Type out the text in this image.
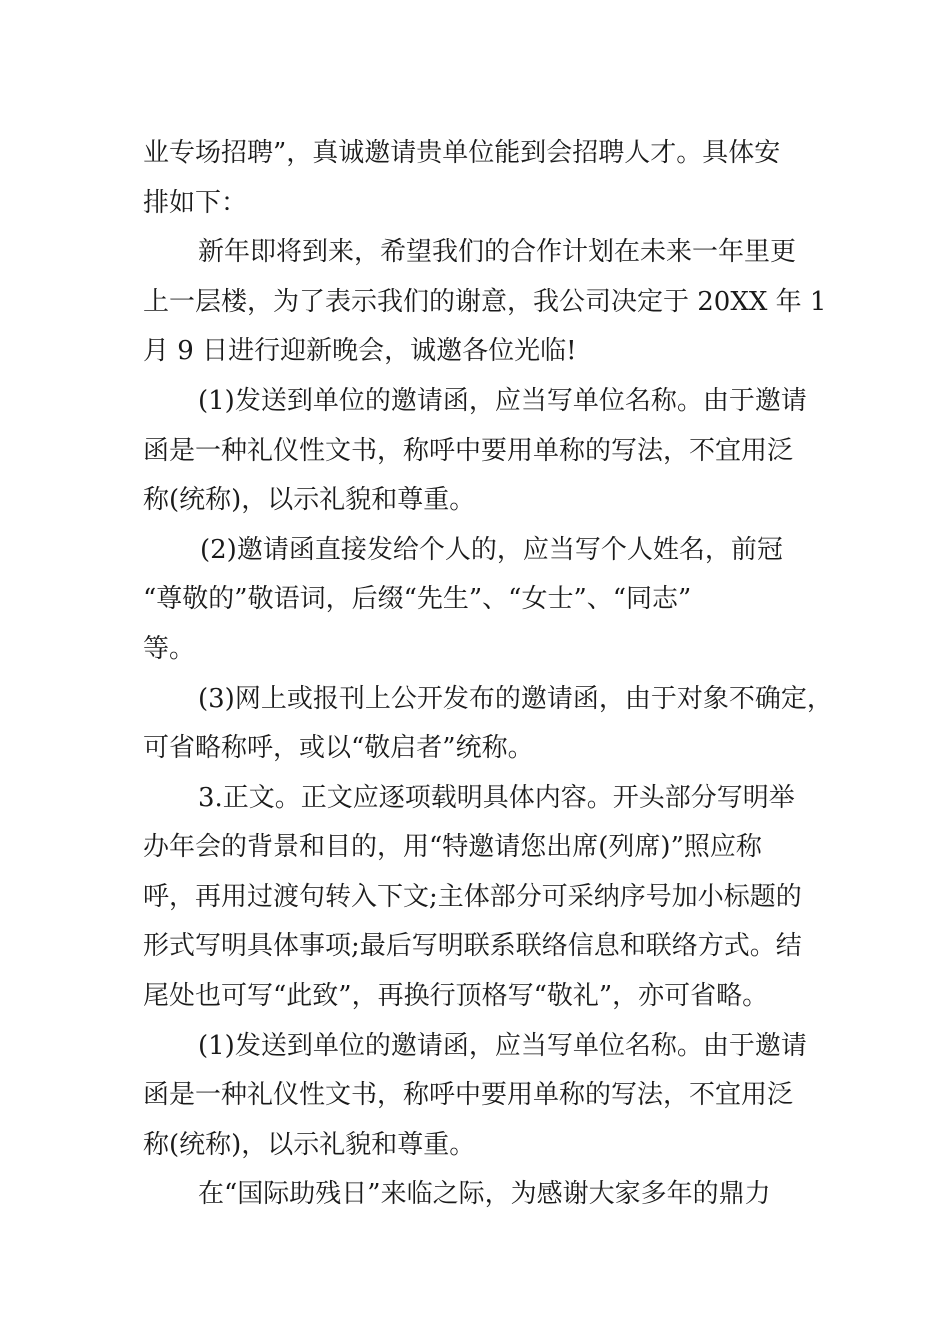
业专场招聘”，真诚邀请贵单位能到会招聘人才。具体安
排如下：
新年即将到来，希望我们的合作计划在未来一年里更
上一层楼，为了表示我们的谢意，我公司决定于 20XX 年 1
月 9 日进行迎新晚会，诚邀各位光临!
(1)发送到单位的邀请函，应当写单位名称。由于邀请
函是一种礼仪性文书，称呼中要用单称的写法，不宜用泛
称(统称)，以示礼貌和尊重。
(2)邀请函直接发给个人的，应当写个人姓名，前冠
“尊敬的”敬语词，后缀“先生”、“女士”、“同志”
等。
(3)网上或报刊上公开发布的邀请函，由于对象不确定，
可省略称呼，或以“敬启者”统称。
3.正文。正文应逐项载明具体内容。开头部分写明举
办年会的背景和目的，用“特邀请您出席(列席)”照应称
呼，再用过渡句转入下文;主体部分可采纳序号加小标题的
形式写明具体事项;最后写明联系联络信息和联络方式。结
尾处也可写“此致”，再换行顶格写“敬礼”，亦可省略。
(1)发送到单位的邀请函，应当写单位名称。由于邀请
函是一种礼仪性文书，称呼中要用单称的写法，不宜用泛
称(统称)，以示礼貌和尊重。
在“国际助残日”来临之际，为感谢大家多年的鼎力
